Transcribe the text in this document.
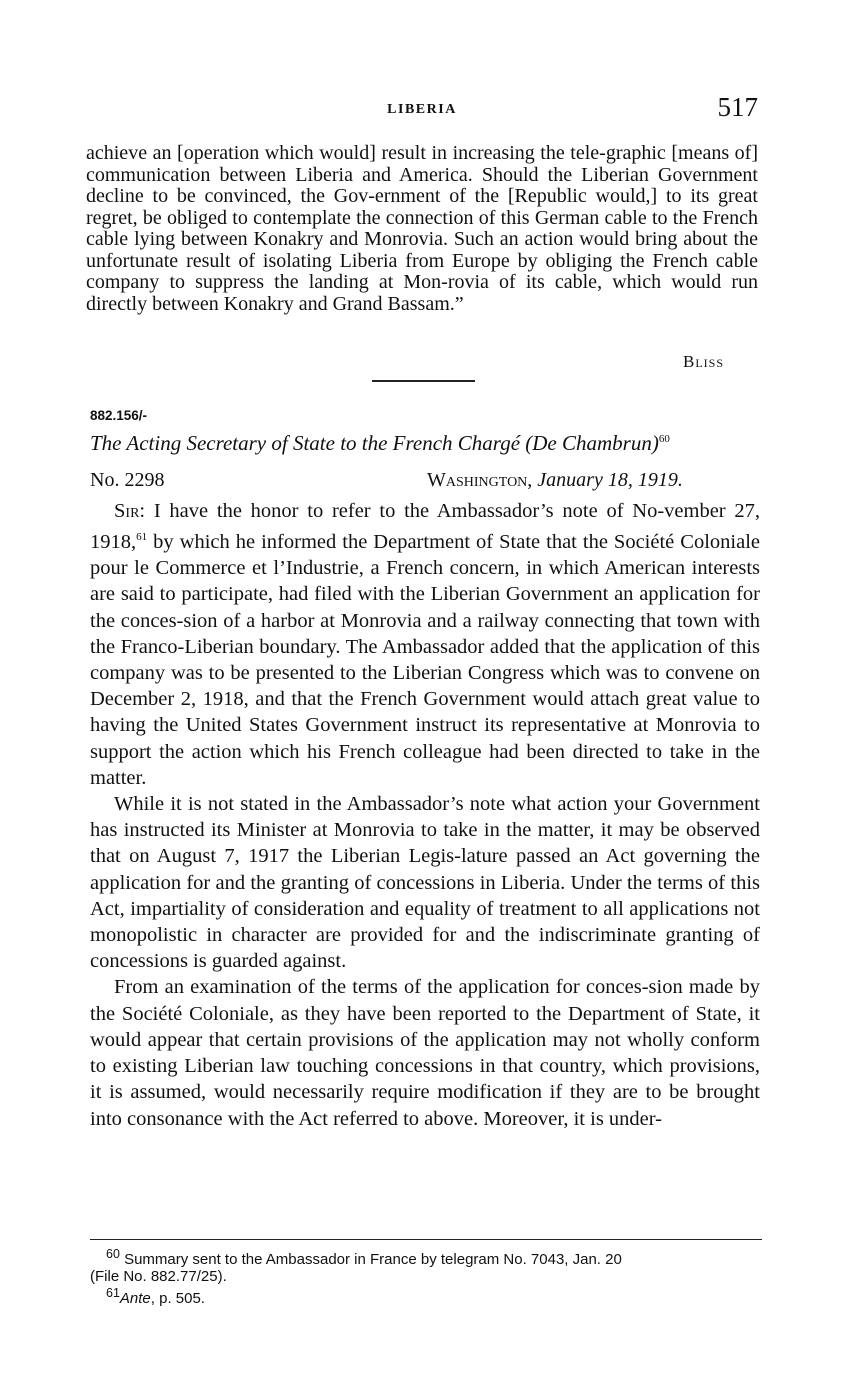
LIBERIA	517

achieve an [operation which would] result in increasing the tele-graphic [means of] communication between Liberia and America. Should the Liberian Government decline to be convinced, the Gov-ernment of the [Republic would,] to its great regret, be obliged to contemplate the connection of this German cable to the French cable lying between Konakry and Monrovia. Such an action would bring about the unfortunate result of isolating Liberia from Europe by obliging the French cable company to suppress the landing at Mon-rovia of its cable, which would run directly between Konakry and Grand Bassam.”

Bliss
882.156/-
The Acting Secretary of State to the French Chargé (De Chambrun)$^{60}$
No. 2298	Washington, January 18, 1919.

Sir: I have the honor to refer to the Ambassador’s note of No-vember 27, 1918,61 by which he informed the Department of State that the Société Coloniale pour le Commerce et l’Industrie, a French concern, in which American interests are said to participate, had filed with the Liberian Government an application for the conces-sion of a harbor at Monrovia and a railway connecting that town with the Franco-Liberian boundary. The Ambassador added that the application of this company was to be presented to the Liberian Congress which was to convene on December 2, 1918, and that the French Government would attach great value to having the United States Government instruct its representative at Monrovia to support the action which his French colleague had been directed to take in the matter.

While it is not stated in the Ambassador’s note what action your Government has instructed its Minister at Monrovia to take in the matter, it may be observed that on August 7, 1917 the Liberian Legis-lature passed an Act governing the application for and the granting of concessions in Liberia. Under the terms of this Act, impartiality of consideration and equality of treatment to all applications not monopolistic in character are provided for and the indiscriminate granting of concessions is guarded against.

From an examination of the terms of the application for conces-sion made by the Société Coloniale, as they have been reported to the Department of State, it would appear that certain provisions of the application may not wholly conform to existing Liberian law touching concessions in that country, which provisions, it is assumed, would necessarily require modification if they are to be brought into consonance with the Act referred to above. Moreover, it is under-

$^{60}$ Summary sent to the Ambassador in France by telegram No. 7043, Jan. 20

(File No. 882.77/25).

$^{61}$Ante, p. 505.
